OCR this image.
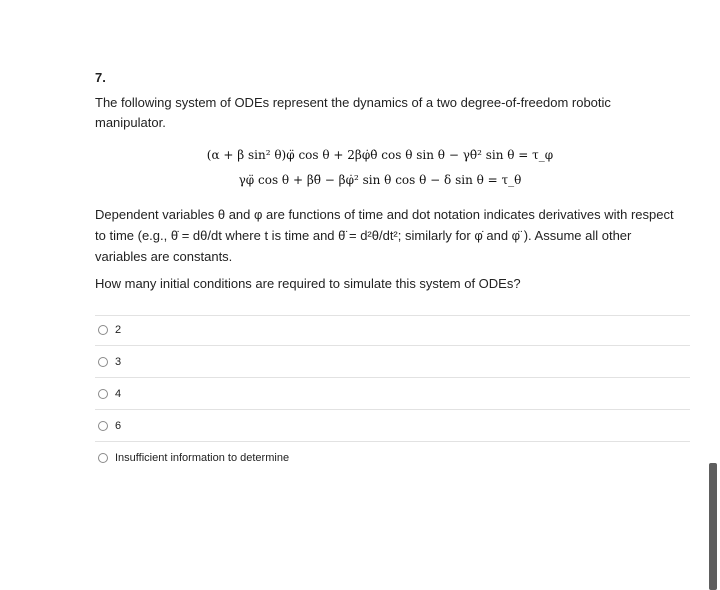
7.
The following system of ODEs represent the dynamics of a two degree-of-freedom robotic manipulator.
(α + β sin² θ)φ̈ cos θ + 2βφ̇θ̇ cos θ sin θ − γθ̇² sin θ = τ_φ
γφ̈ cos θ + βθ̈ − βφ̇² sin θ cos θ − δ sin θ = τ_θ
Dependent variables θ and φ are functions of time and dot notation indicates derivatives with respect to time (e.g., θ̇ = dθ/dt where t is time and θ̈ = d²θ/dt²; similarly for φ̇ and φ̈ ). Assume all other variables are constants.
How many initial conditions are required to simulate this system of ODEs?
2
3
4
6
Insufficient information to determine
